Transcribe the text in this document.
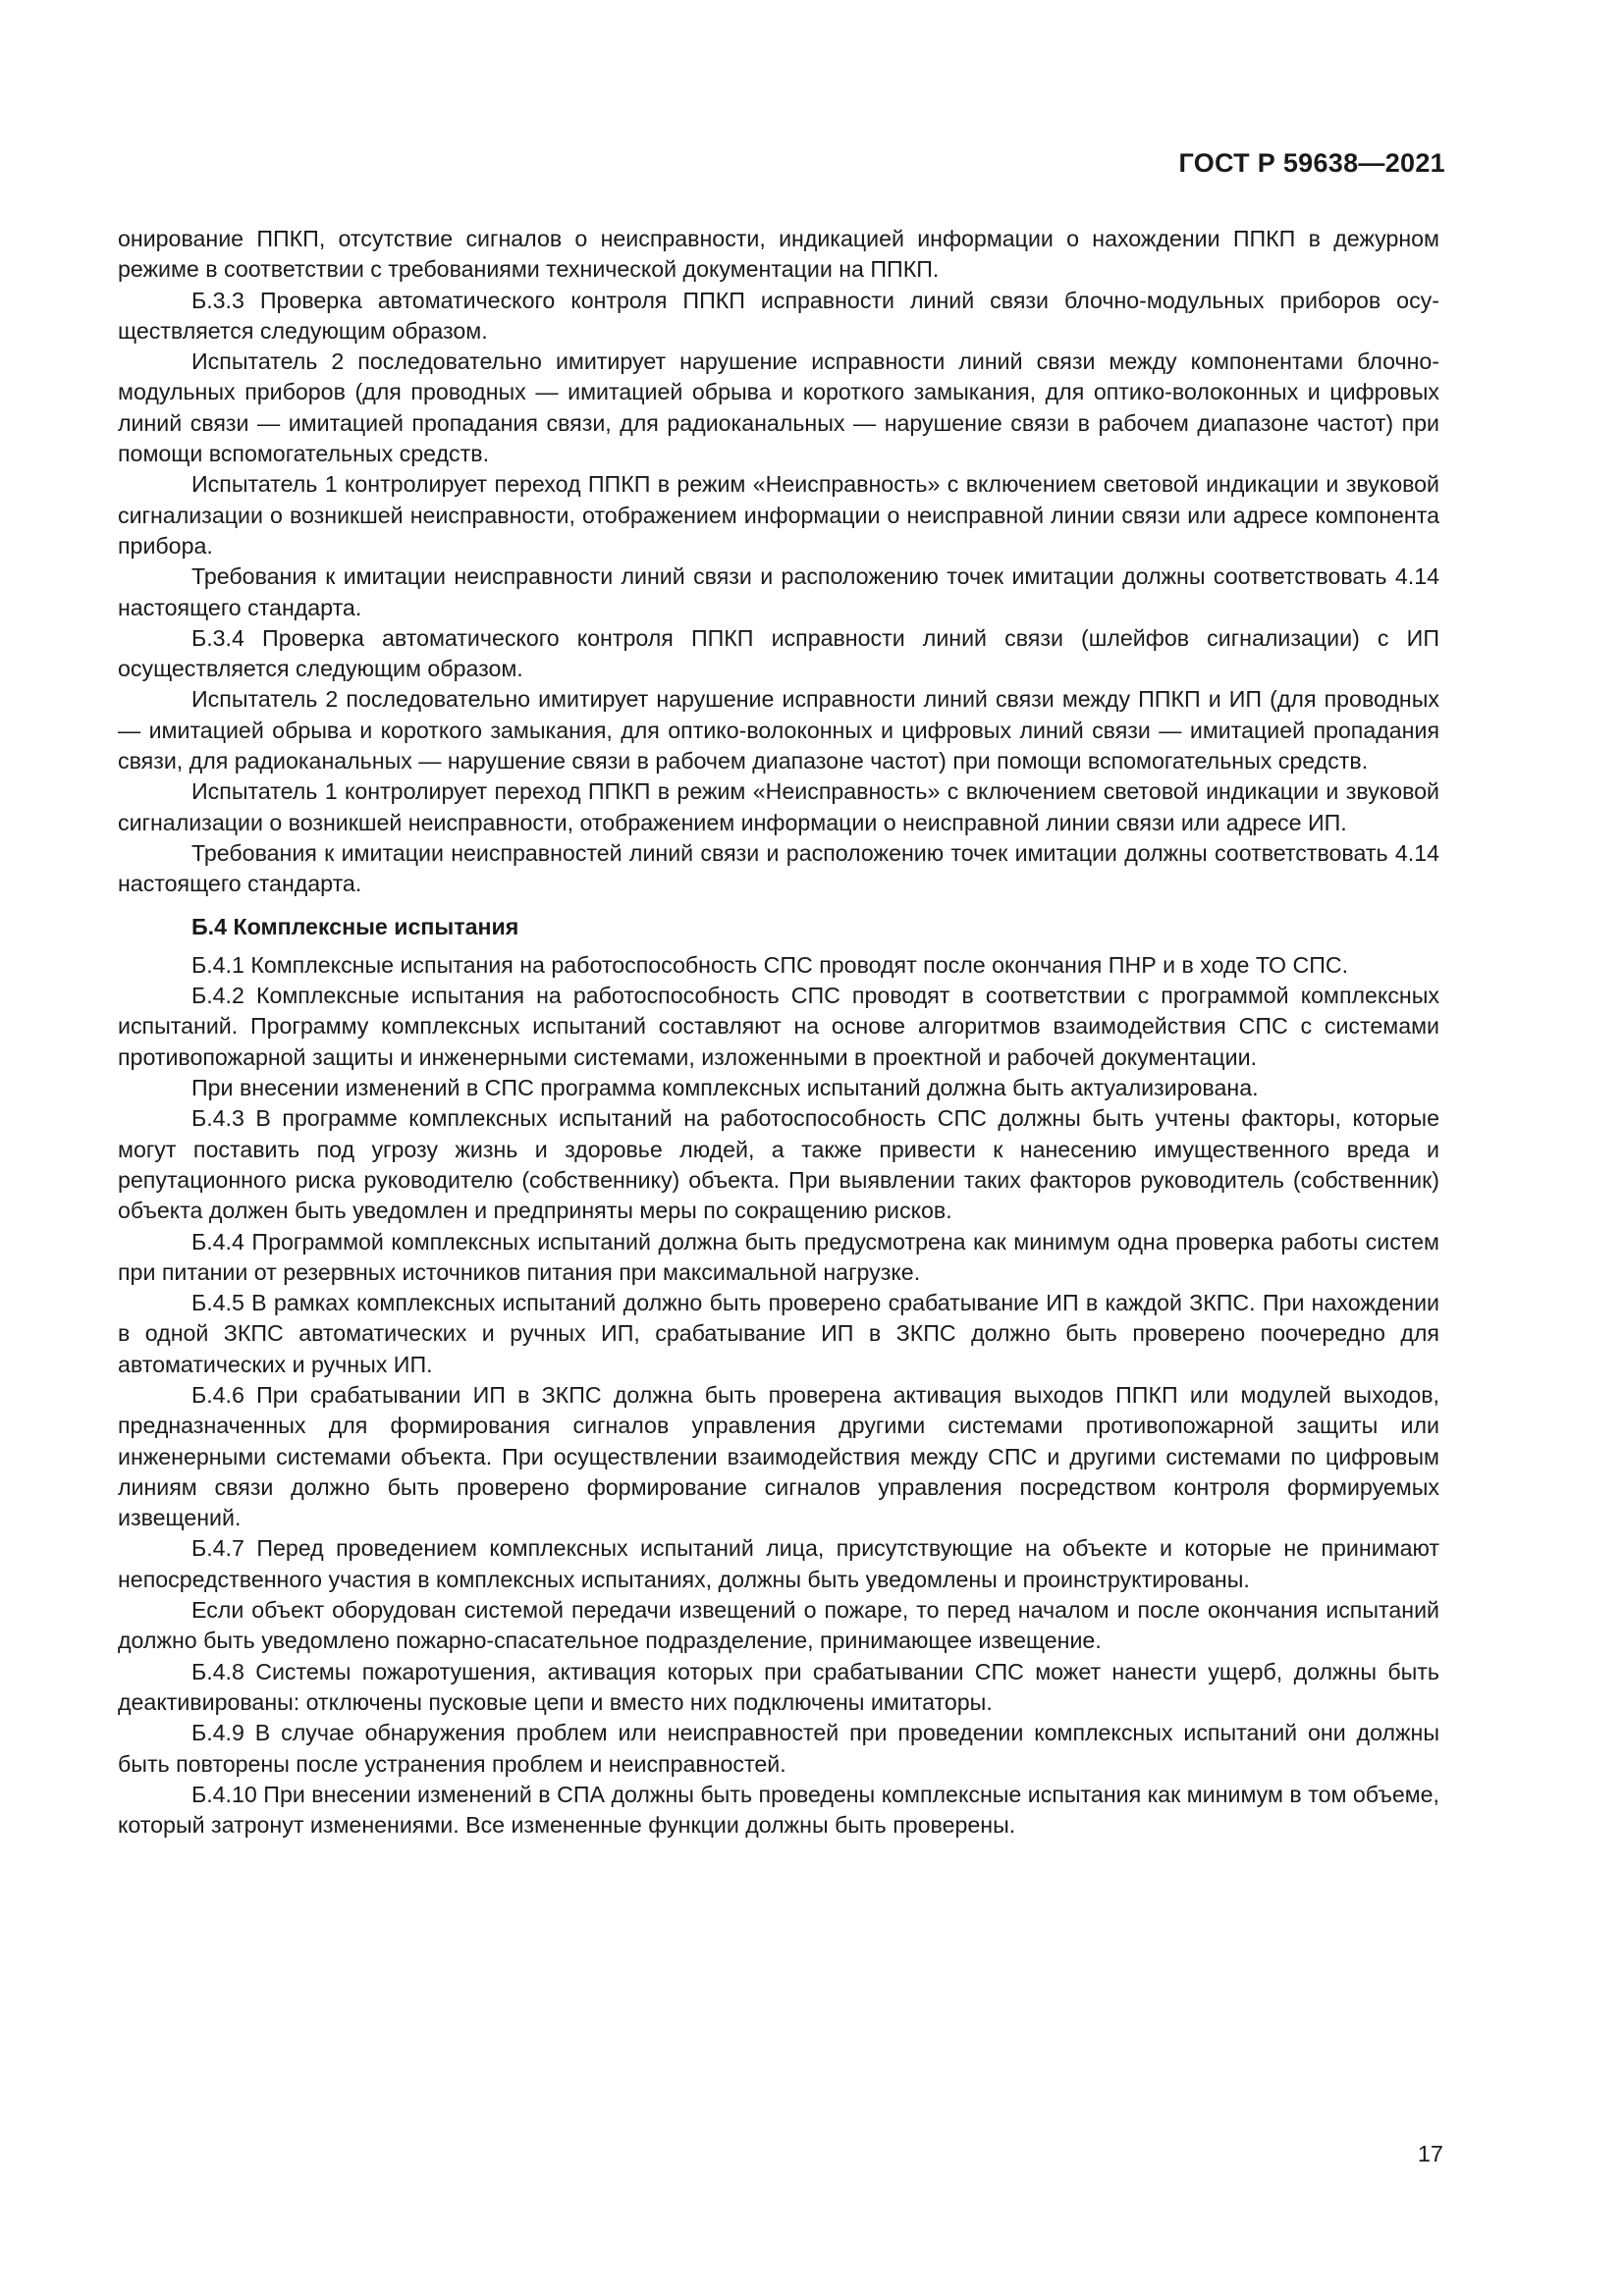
ГОСТ Р 59638—2021

онирование ППКП, отсутствие сигналов о неисправности, индикацией информации о нахождении ППКП в дежурном режиме в соответствии с требованиями технической документации на ППКП.

Б.3.3 Проверка автоматического контроля ППКП исправности линий связи блочно-модульных приборов осуществляется следующим образом.

Испытатель 2 последовательно имитирует нарушение исправности линий связи между компонентами блочно-модульных приборов (для проводных — имитацией обрыва и короткого замыкания, для оптико-волоконных и цифровых линий связи — имитацией пропадания связи, для радиоканальных — нарушение связи в рабочем диапазоне частот) при помощи вспомогательных средств.

Испытатель 1 контролирует переход ППКП в режим «Неисправность» с включением световой индикации и звуковой сигнализации о возникшей неисправности, отображением информации о неисправной линии связи или адресе компонента прибора.

Требования к имитации неисправности линий связи и расположению точек имитации должны соответствовать 4.14 настоящего стандарта.

Б.3.4 Проверка автоматического контроля ППКП исправности линий связи (шлейфов сигнализации) с ИП осуществляется следующим образом.

Испытатель 2 последовательно имитирует нарушение исправности линий связи между ППКП и ИП (для проводных — имитацией обрыва и короткого замыкания, для оптико-волоконных и цифровых линий связи — имитацией пропадания связи, для радиоканальных — нарушение связи в рабочем диапазоне частот) при помощи вспомогательных средств.

Испытатель 1 контролирует переход ППКП в режим «Неисправность» с включением световой индикации и звуковой сигнализации о возникшей неисправности, отображением информации о неисправной линии связи или адресе ИП.

Требования к имитации неисправностей линий связи и расположению точек имитации должны соответствовать 4.14 настоящего стандарта.

Б.4 Комплексные испытания

Б.4.1 Комплексные испытания на работоспособность СПС проводят после окончания ПНР и в ходе ТО СПС.

Б.4.2 Комплексные испытания на работоспособность СПС проводят в соответствии с программой комплексных испытаний. Программу комплексных испытаний составляют на основе алгоритмов взаимодействия СПС с системами противопожарной защиты и инженерными системами, изложенными в проектной и рабочей документации.

При внесении изменений в СПС программа комплексных испытаний должна быть актуализирована.

Б.4.3 В программе комплексных испытаний на работоспособность СПС должны быть учтены факторы, которые могут поставить под угрозу жизнь и здоровье людей, а также привести к нанесению имущественного вреда и репутационного риска руководителю (собственнику) объекта. При выявлении таких факторов руководитель (собственник) объекта должен быть уведомлен и предприняты меры по сокращению рисков.

Б.4.4 Программой комплексных испытаний должна быть предусмотрена как минимум одна проверка работы систем при питании от резервных источников питания при максимальной нагрузке.

Б.4.5 В рамках комплексных испытаний должно быть проверено срабатывание ИП в каждой ЗКПС. При нахождении в одной ЗКПС автоматических и ручных ИП, срабатывание ИП в ЗКПС должно быть проверено поочередно для автоматических и ручных ИП.

Б.4.6 При срабатывании ИП в ЗКПС должна быть проверена активация выходов ППКП или модулей выходов, предназначенных для формирования сигналов управления другими системами противопожарной защиты или инженерными системами объекта. При осуществлении взаимодействия между СПС и другими системами по цифровым линиям связи должно быть проверено формирование сигналов управления посредством контроля формируемых извещений.

Б.4.7 Перед проведением комплексных испытаний лица, присутствующие на объекте и которые не принимают непосредственного участия в комплексных испытаниях, должны быть уведомлены и проинструктированы.

Если объект оборудован системой передачи извещений о пожаре, то перед началом и после окончания испытаний должно быть уведомлено пожарно-спасательное подразделение, принимающее извещение.

Б.4.8 Системы пожаротушения, активация которых при срабатывании СПС может нанести ущерб, должны быть деактивированы: отключены пусковые цепи и вместо них подключены имитаторы.

Б.4.9 В случае обнаружения проблем или неисправностей при проведении комплексных испытаний они должны быть повторены после устранения проблем и неисправностей.

Б.4.10 При внесении изменений в СПА должны быть проведены комплексные испытания как минимум в том объеме, который затронут изменениями. Все измененные функции должны быть проверены.

17
